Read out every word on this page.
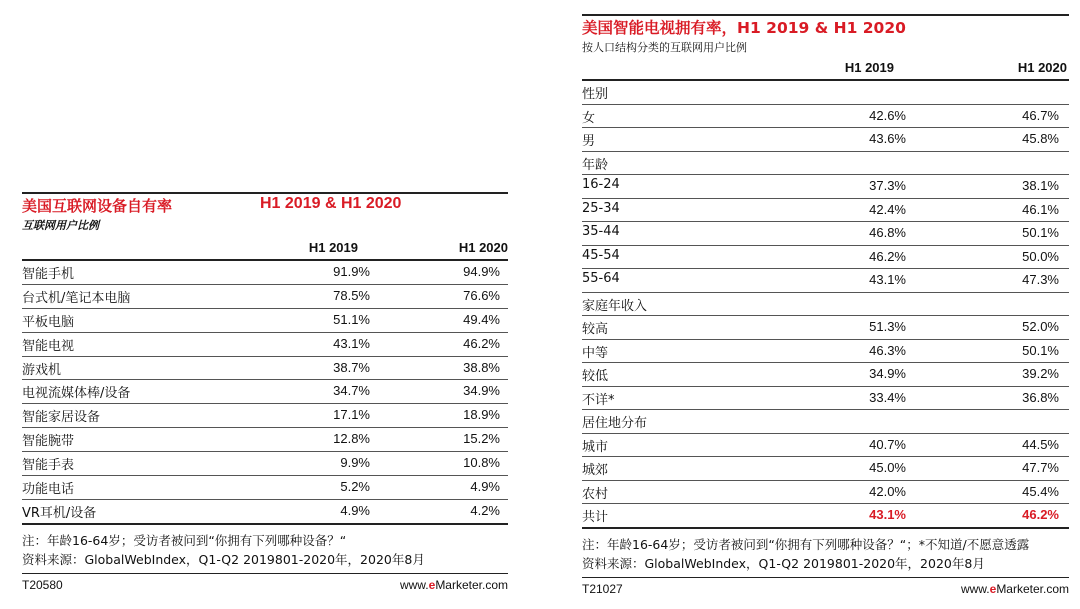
美国互联网设备自有率	H1 2019 & H1 2020
互联网用户比例
H1 2019	H1 2020
智能手机	91.9%	94.9%
台式机/笔记本电脑	78.5%	76.6%
平板电脑	51.1%	49.4%
智能电视	43.1%	46.2%
游戏机	38.7%	38.8%
电视流媒体棒/设备	34.7%	34.9%
智能家居设备	17.1%	18.9%
智能腕带	12.8%	15.2%
智能手表	9.9%	10.8%
功能电话	5.2%	4.9%
VR耳机/设备	4.9%	4.2%
注：年龄16-64岁；受访者被问到“你拥有下列哪种设备？“
资料来源：GlobalWebIndex，Q1-Q2 2019801-2020年，2020年8月
T20580	www.eMarketer.com
美国智能电视拥有率，H1 2019 & H1 2020
按人口结构分类的互联网用户比例
H1 2019	H1 2020
性别
女	42.6%	46.7%
男	43.6%	45.8%
年龄
16-24	37.3%	38.1%
25-34	42.4%	46.1%
35-44	46.8%	50.1%
45-54	46.2%	50.0%
55-64	43.1%	47.3%
家庭年收入
较高	51.3%	52.0%
中等	46.3%	50.1%
较低	34.9%	39.2%
不详*	33.4%	36.8%
居住地分布
城市	40.7%	44.5%
城郊	45.0%	47.7%
农村	42.0%	45.4%
共计	43.1%	46.2%
注：年龄16-64岁；受访者被问到“你拥有下列哪种设备？“；*不知道/不愿意透露
资料来源：GlobalWebIndex，Q1-Q2 2019801-2020年，2020年8月
T21027	www.eMarketer.com
